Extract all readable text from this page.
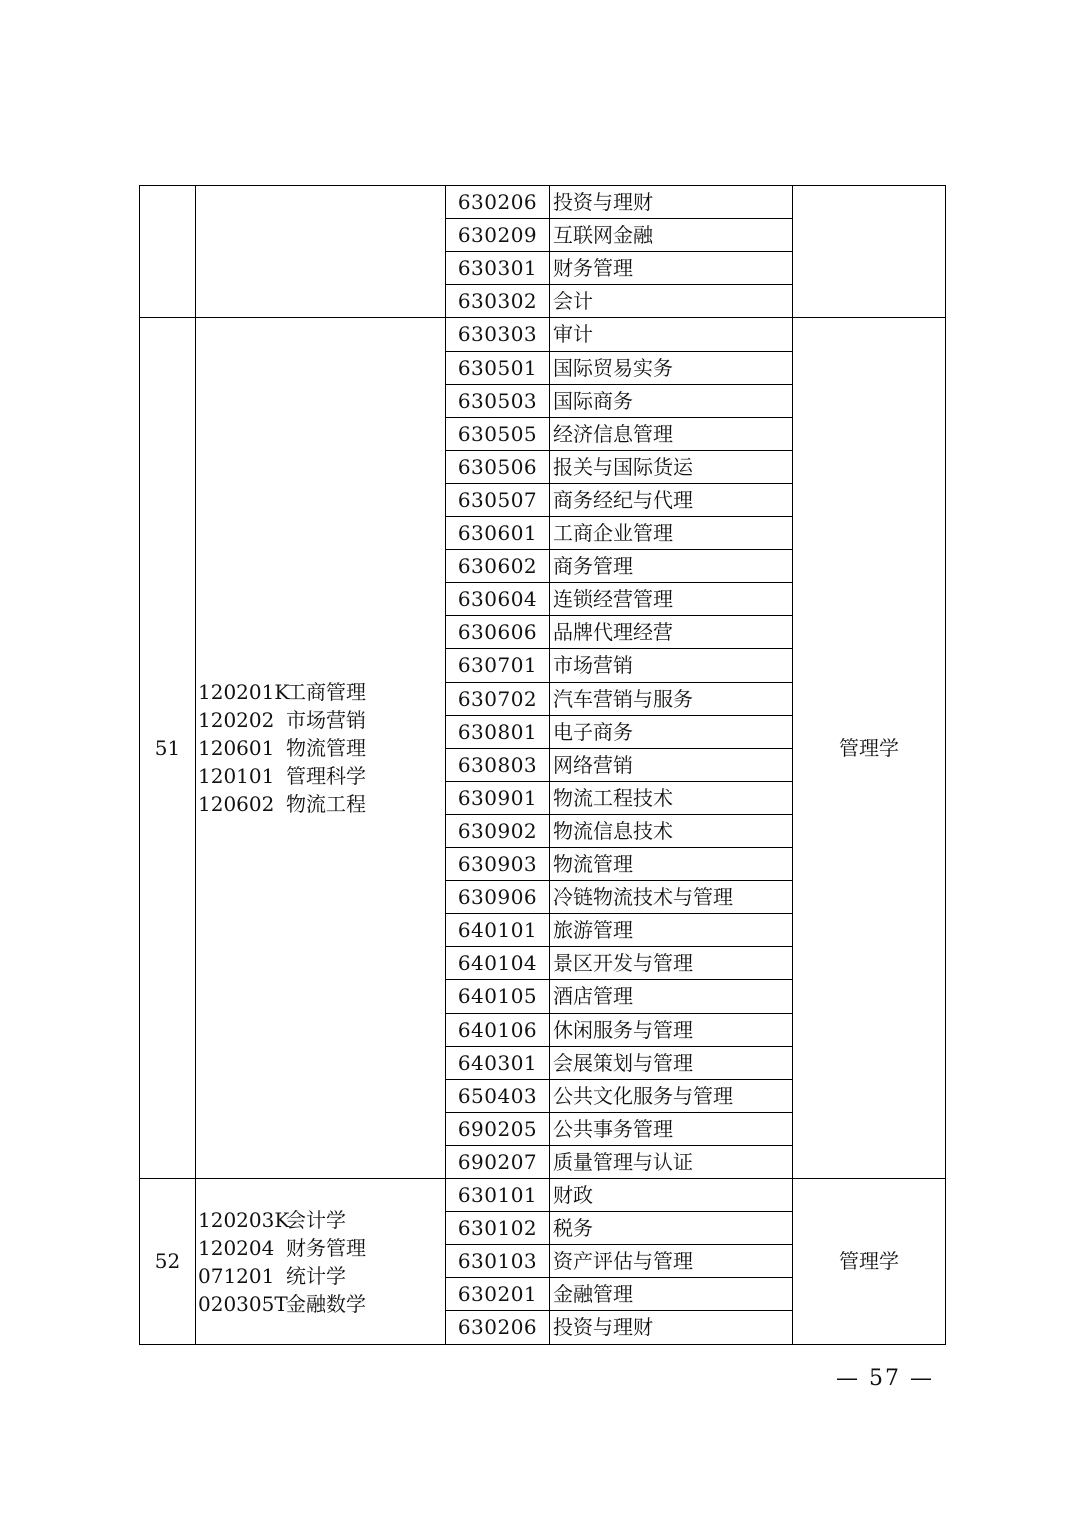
630206 投资与理财
630209 互联网金融
630301 财务管理
630302 会计
51
120201K工商管理
120202 市场营销
120601 物流管理
120101 管理科学
120602 物流工程
630303 审计
630501 国际贸易实务
630503 国际商务
630505 经济信息管理
630506 报关与国际货运
630507 商务经纪与代理
630601 工商企业管理
630602 商务管理
630604 连锁经营管理
630606 品牌代理经营
630701 市场营销
630702 汽车营销与服务
630801 电子商务
630803 网络营销
630901 物流工程技术
630902 物流信息技术
630903 物流管理
630906 冷链物流技术与管理
640101 旅游管理
640104 景区开发与管理
640105 酒店管理
640106 休闲服务与管理
640301 会展策划与管理
650403 公共文化服务与管理
690205 公共事务管理
690207 质量管理与认证
管理学
52
120203K会计学
120204 财务管理
071201 统计学
020305T金融数学
630101 财政
630102 税务
630103 资产评估与管理
630201 金融管理
630206 投资与理财
管理学
— 57 —
